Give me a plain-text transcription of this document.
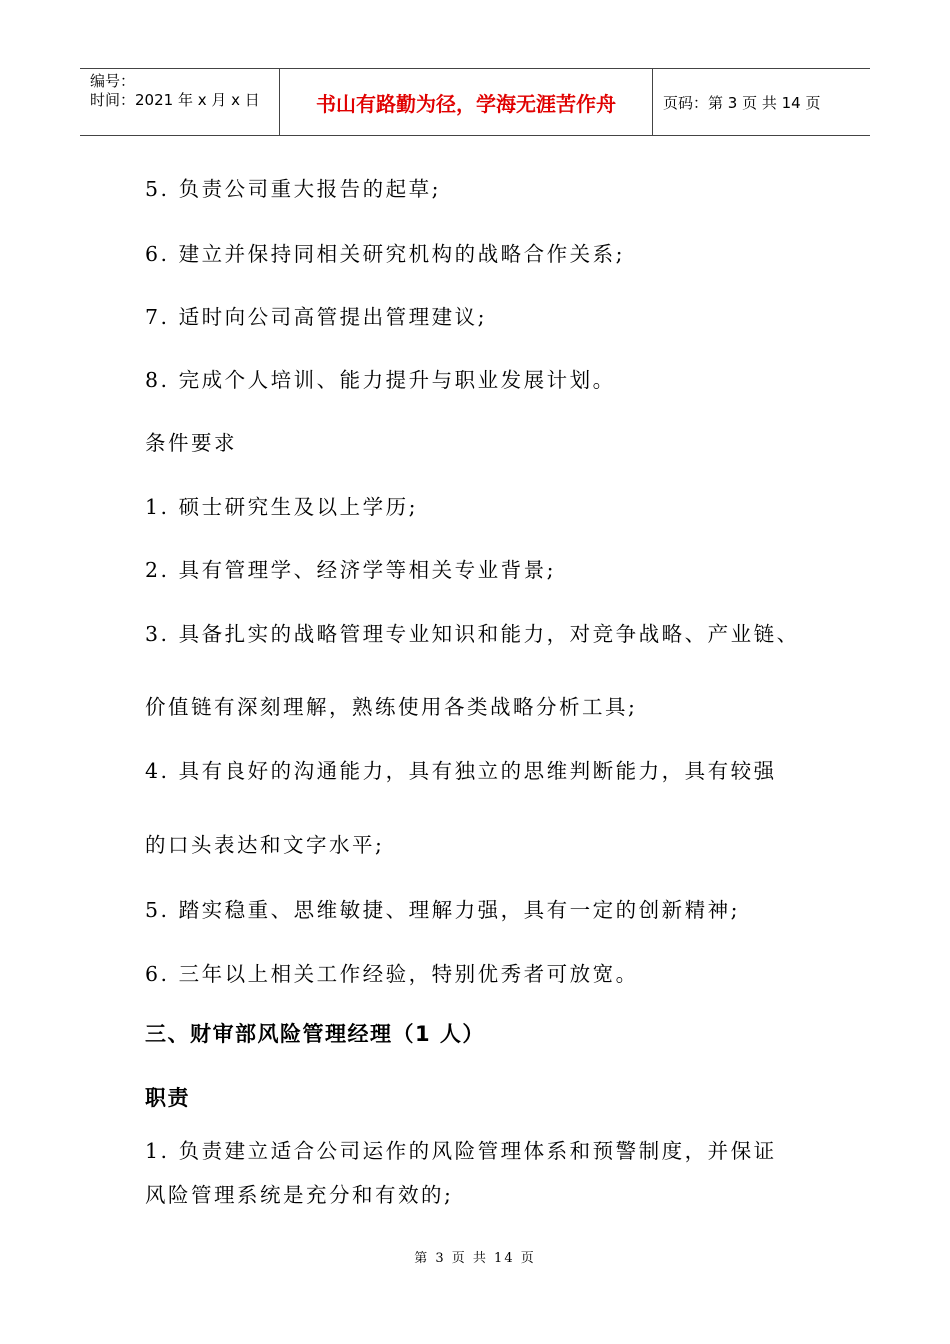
编号：
时间：2021 年 x 月 x 日	书山有路勤为径，学海无涯苦作舟	页码：第 3 页 共 14 页

5. 负责公司重大报告的起草;

6. 建立并保持同相关研究机构的战略合作关系;

7. 适时向公司高管提出管理建议;

8. 完成个人培训、能力提升与职业发展计划。

条件要求

1. 硕士研究生及以上学历;

2. 具有管理学、经济学等相关专业背景;

3. 具备扎实的战略管理专业知识和能力，对竞争战略、产业链、

价值链有深刻理解，熟练使用各类战略分析工具;

4. 具有良好的沟通能力，具有独立的思维判断能力，具有较强

的口头表达和文字水平;

5. 踏实稳重、思维敏捷、理解力强，具有一定的创新精神;

6. 三年以上相关工作经验，特别优秀者可放宽。

三、财审部风险管理经理（1 人）

职责

1. 负责建立适合公司运作的风险管理体系和预警制度，并保证

风险管理系统是充分和有效的;

第 3 页 共 14 页
